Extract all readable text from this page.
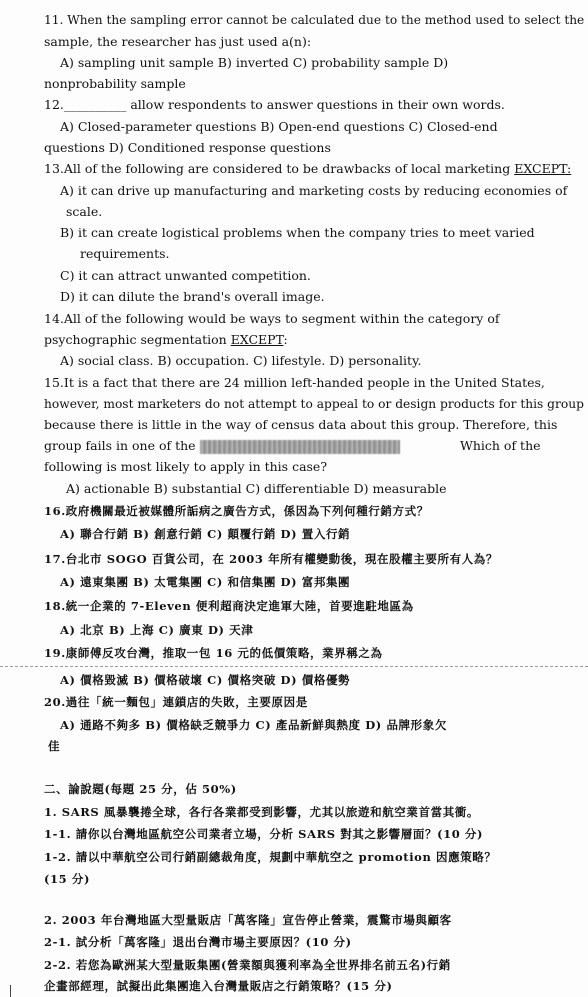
11. When the sampling error cannot be calculated due to the method used to select the
sample, the researcher has just used a(n):
A) sampling unit sample B) inverted C) probability sample D)
nonprobability sample
12.__________ allow respondents to answer questions in their own words.
A) Closed-parameter questions B) Open-end questions C) Closed-end
questions D) Conditioned response questions
13.All of the following are considered to be drawbacks of local marketing EXCEPT:
A) it can drive up manufacturing and marketing costs by reducing economies of
scale.
B) it can create logistical problems when the company tries to meet varied
requirements.
C) it can attract unwanted competition.
D) it can dilute the brand's overall image.
14.All of the following would be ways to segment within the category of
psychographic segmentation EXCEPT:
A) social class. B) occupation. C) lifestyle. D) personality.
15.It is a fact that there are 24 million left-handed people in the United States,
however, most marketers do not attempt to appeal to or design products for this group
because there is little in the way of census data about this group. Therefore, this
group fails in one of the	Which of the
following is most likely to apply in this case?
A) actionable B) substantial C) differentiable D) measurable
16.政府機關最近被媒體所詬病之廣告方式，係因為下列何種行銷方式？
A) 聯合行銷 B) 創意行銷 C) 顛覆行銷 D) 置入行銷
17.台北市 SOGO 百貨公司，在 2003 年所有權變動後，現在股權主要所有人為？
A) 遠東集團 B) 太電集團 C) 和信集團 D) 富邦集團
18.統一企業的 7-Eleven 便利超商決定進軍大陸，首要進駐地區為
A) 北京 B) 上海 C) 廣東 D) 天津
19.康師傅反攻台灣，推取一包 16 元的低價策略，業界稱之為
A) 價格毀滅 B) 價格破壞 C) 價格突破 D) 價格優勢
20.過往「統一麵包」連鎖店的失敗，主要原因是
A) 通路不夠多 B) 價格缺乏競爭力 C) 產品新鮮與熱度 D) 品牌形象欠
佳
二、論說題(每題 25 分，佔 50%)
1. SARS 風暴襲捲全球，各行各業都受到影響，尤其以旅遊和航空業首當其衝。
1-1. 請你以台灣地區航空公司業者立場，分析 SARS 對其之影響層面？(10 分)
1-2. 請以中華航空公司行銷副總裁角度，規劃中華航空之 promotion 因應策略？
(15 分)
2. 2003 年台灣地區大型量販店「萬客隆」宣告停止營業，震驚市場與顧客
2-1. 試分析「萬客隆」退出台灣市場主要原因？(10 分)
2-2. 若您為歐洲某大型量販集團(營業額與獲利率為全世界排名前五名)行銷
企畫部經理，試擬出此集團進入台灣量販店之行銷策略？(15 分)
